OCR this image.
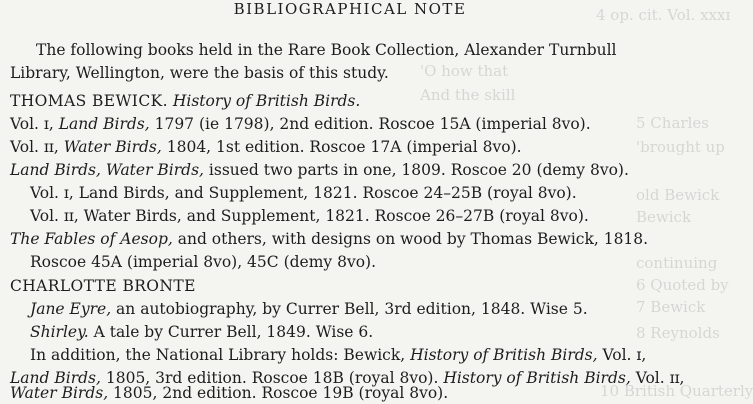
4 op. cit. Vol. xxxɪ
'O how that
And the skill
5 Charles
'brought up
old Bewick
Bewick
continuing
6 Quoted by
7 Bewick
8 Reynolds
10 British Quarterly
BIBLIOGRAPHICAL NOTE
The following books held in the Rare Book Collection, Alexander Turnbull
Library, Wellington, were the basis of this study.
THOMAS BEWICK. History of British Birds.
Vol. ɪ, Land Birds, 1797 (ie 1798), 2nd edition. Roscoe 15A (imperial 8vo).
Vol. ɪɪ, Water Birds, 1804, 1st edition. Roscoe 17A (imperial 8vo).
Land Birds, Water Birds, issued two parts in one, 1809. Roscoe 20 (demy 8vo).
Vol. ɪ, Land Birds, and Supplement, 1821. Roscoe 24–25B (royal 8vo).
Vol. ɪɪ, Water Birds, and Supplement, 1821. Roscoe 26–27B (royal 8vo).
The Fables of Aesop, and others, with designs on wood by Thomas Bewick, 1818.
Roscoe 45A (imperial 8vo), 45C (demy 8vo).
CHARLOTTE BRONTE
Jane Eyre, an autobiography, by Currer Bell, 3rd edition, 1848. Wise 5.
Shirley. A tale by Currer Bell, 1849. Wise 6.
In addition, the National Library holds: Bewick, History of British Birds, Vol. ɪ,
Land Birds, 1805, 3rd edition. Roscoe 18B (royal 8vo). History of British Birds, Vol. ɪɪ,
Water Birds, 1805, 2nd edition. Roscoe 19B (royal 8vo).
